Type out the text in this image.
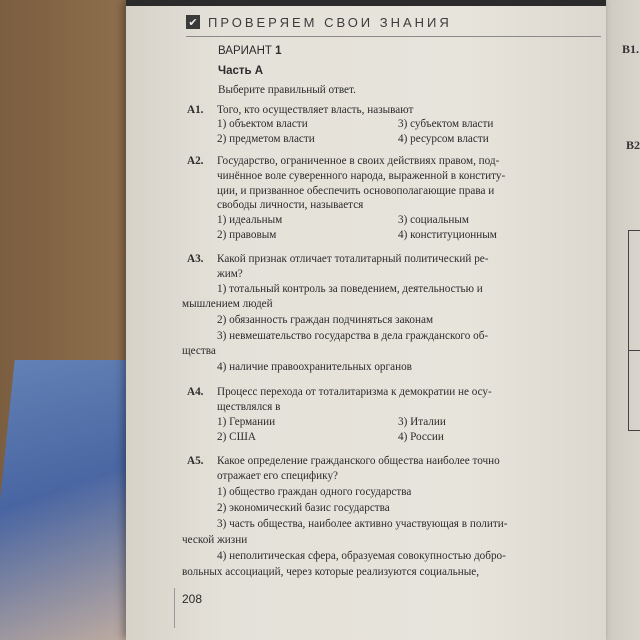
В1.
В2
✔ ПРОВЕРЯЕМ СВОИ ЗНАНИЯ
ВАРИАНТ 1
Часть А
Выберите правильный ответ.
А1. Того, кто осуществляет власть, называют
1) объектом власти	3) субъектом власти
2) предметом власти	4) ресурсом власти
А2. Государство, ограниченное в своих действиях правом, под-
чинённое воле суверенного народа, выраженной в конститу-
ции, и призванное обеспечить основополагающие права и
свободы личности, называется
1) идеальным	3) социальным
2) правовым	4) конституционным
А3. Какой признак отличает тоталитарный политический ре-
жим?
1) тотальный контроль за поведением, деятельностью и
мышлением людей
2) обязанность граждан подчиняться законам
3) невмешательство государства в дела гражданского об-
щества
4) наличие правоохранительных органов
А4. Процесс перехода от тоталитаризма к демократии не осу-
ществлялся в
1) Германии	3) Италии
2) США	4) России
А5. Какое определение гражданского общества наиболее точно
отражает его специфику?
1) общество граждан одного государства
2) экономический базис государства
3) часть общества, наиболее активно участвующая в полити-
ческой жизни
4) неполитическая сфера, образуемая совокупностью добро-
вольных ассоциаций, через которые реализуются социальные,
208
